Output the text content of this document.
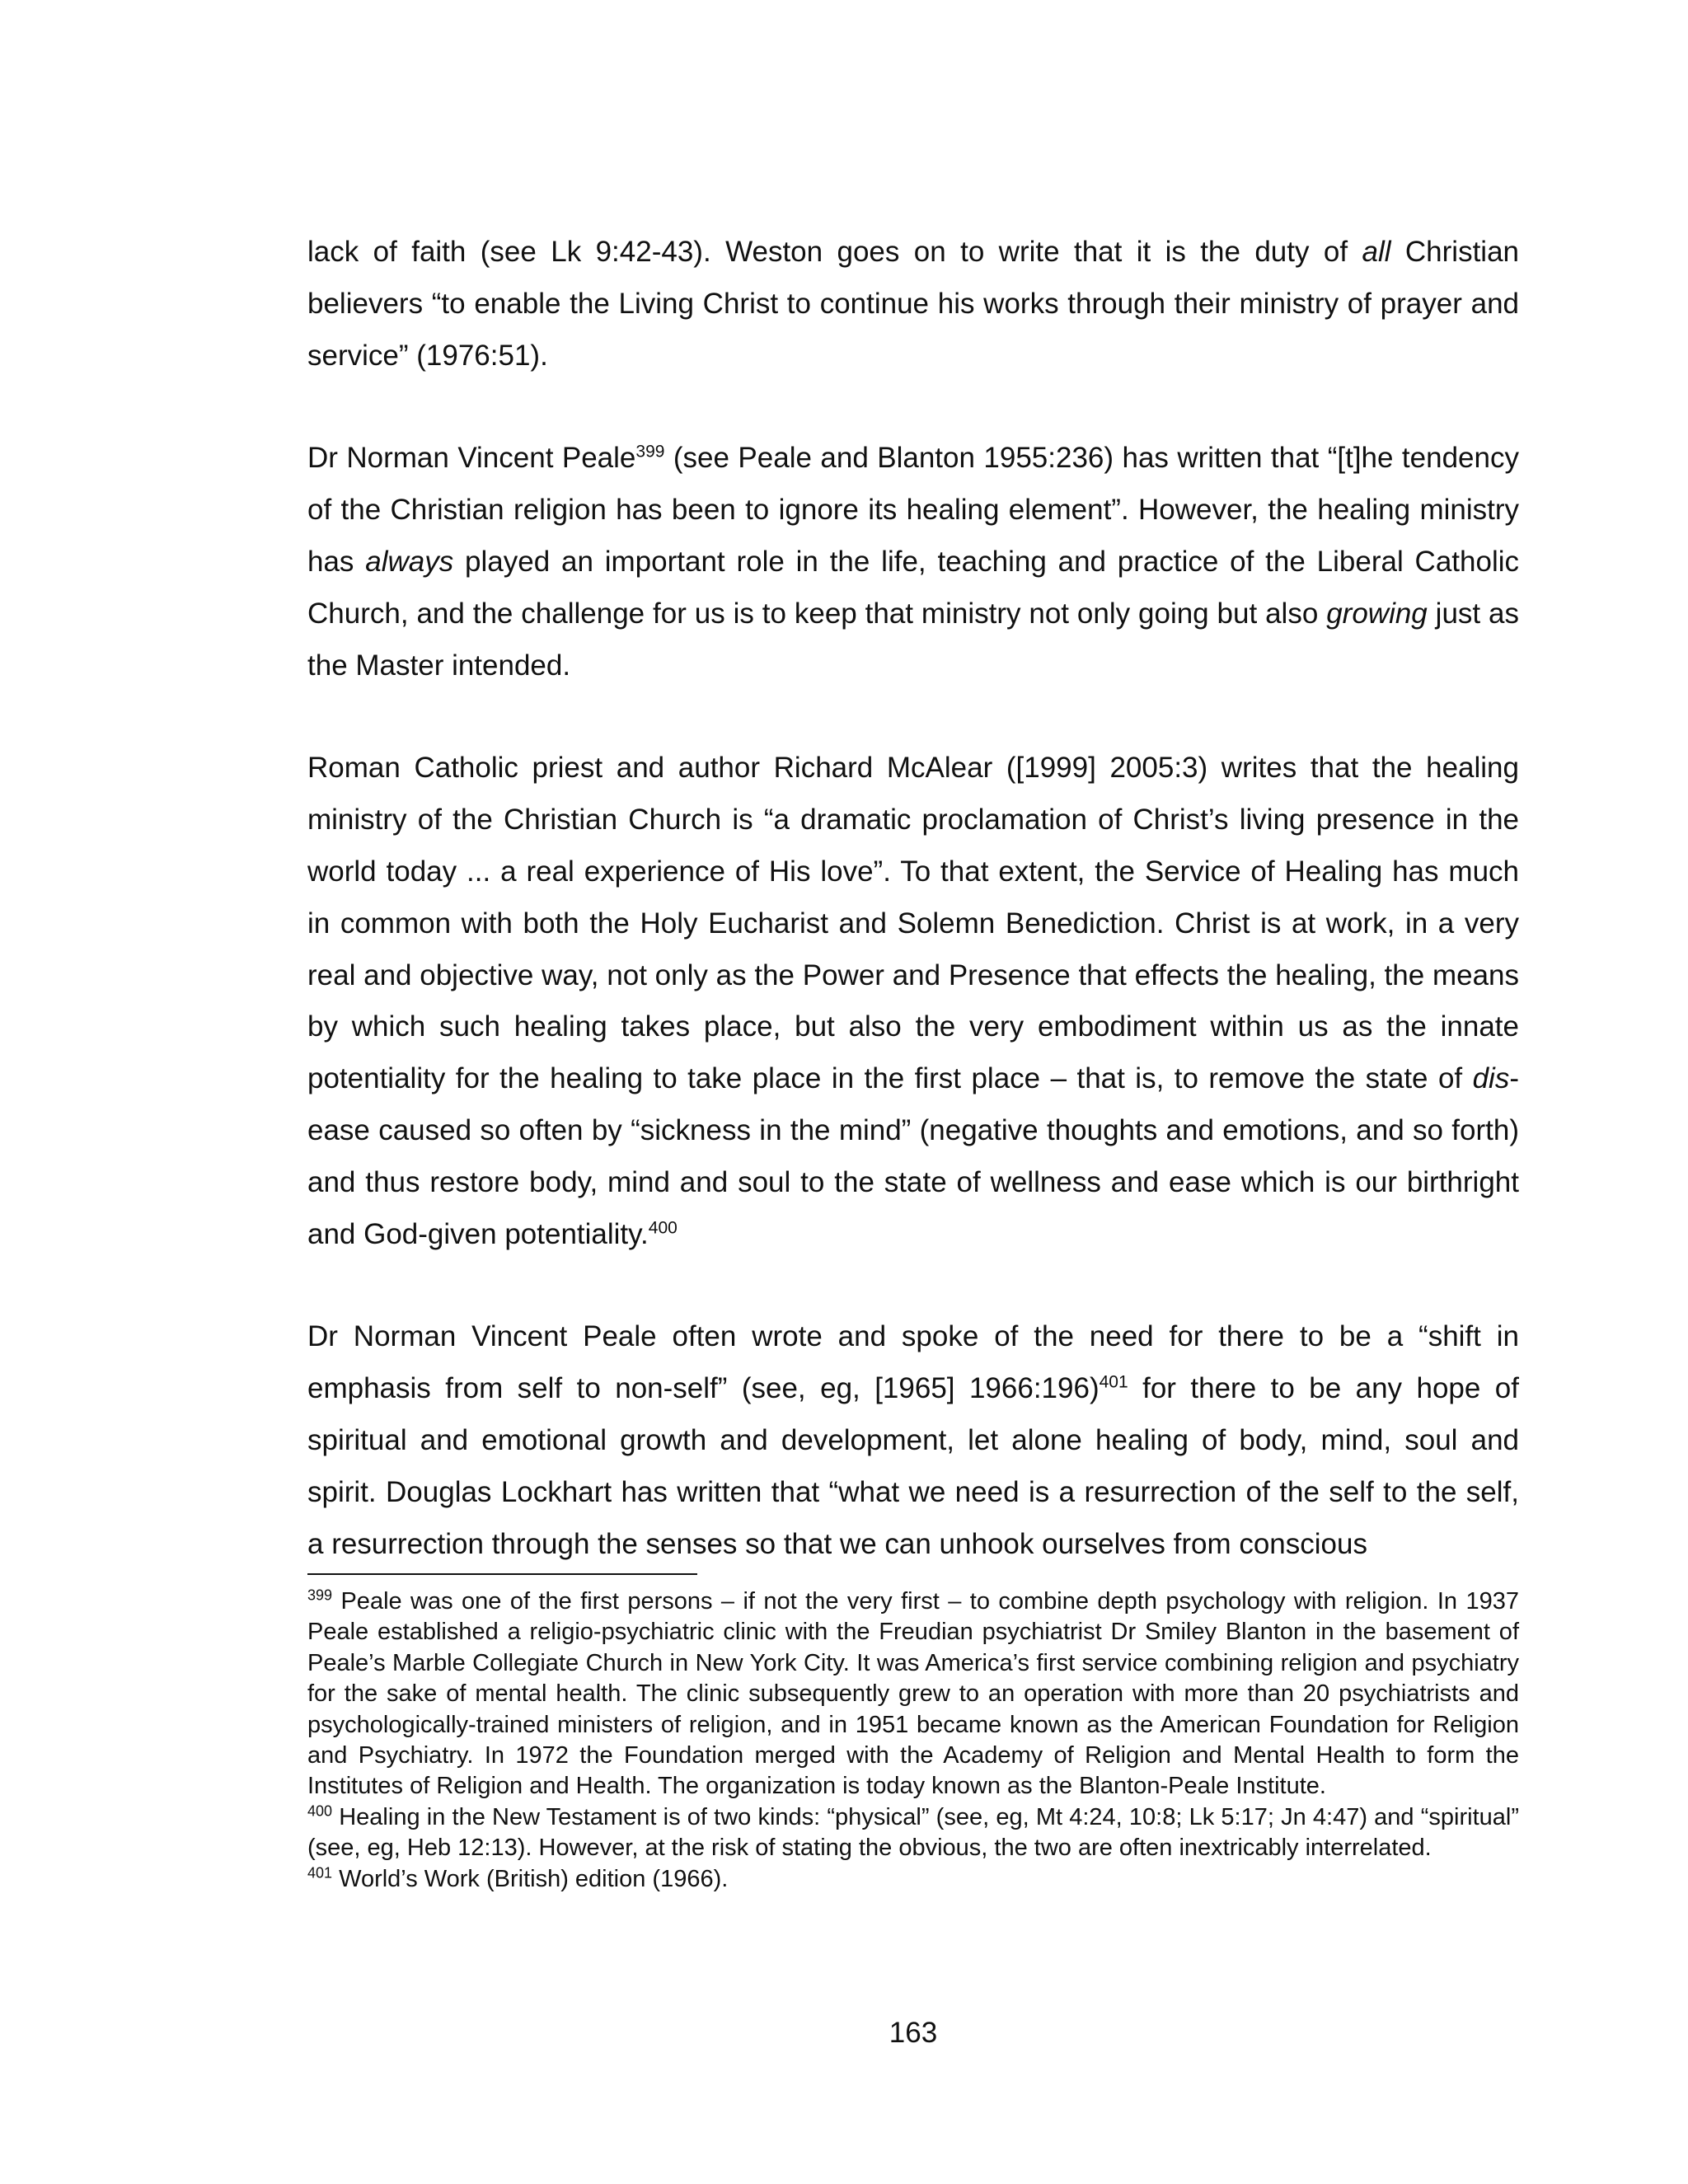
lack of faith (see Lk 9:42-43). Weston goes on to write that it is the duty of all Christian believers “to enable the Living Christ to continue his works through their ministry of prayer and service” (1976:51).

Dr Norman Vincent Peale$^{399}$ (see Peale and Blanton 1955:236) has written that “[t]he tendency of the Christian religion has been to ignore its healing element”. However, the healing ministry has always played an important role in the life, teaching and practice of the Liberal Catholic Church, and the challenge for us is to keep that ministry not only going but also growing just as the Master intended.

Roman Catholic priest and author Richard McAlear ([1999] 2005:3) writes that the healing ministry of the Christian Church is “a dramatic proclamation of Christ’s living presence in the world today ... a real experience of His love”. To that extent, the Service of Healing has much in common with both the Holy Eucharist and Solemn Benediction. Christ is at work, in a very real and objective way, not only as the Power and Presence that effects the healing, the means by which such healing takes place, but also the very embodiment within us as the innate potentiality for the healing to take place in the first place – that is, to remove the state of dis-ease caused so often by “sickness in the mind” (negative thoughts and emotions, and so forth) and thus restore body, mind and soul to the state of wellness and ease which is our birthright and God-given potentiality.$^{400}$

Dr Norman Vincent Peale often wrote and spoke of the need for there to be a “shift in emphasis from self to non-self” (see, eg, [1965] 1966:196)$^{401}$ for there to be any hope of spiritual and emotional growth and development, let alone healing of body, mind, soul and spirit. Douglas Lockhart has written that “what we need is a resurrection of the self to the self, a resurrection through the senses so that we can unhook ourselves from conscious

$^{399}$ Peale was one of the first persons – if not the very first – to combine depth psychology with religion. In 1937 Peale established a religio-psychiatric clinic with the Freudian psychiatrist Dr Smiley Blanton in the basement of Peale’s Marble Collegiate Church in New York City. It was America’s first service combining religion and psychiatry for the sake of mental health. The clinic subsequently grew to an operation with more than 20 psychiatrists and psychologically-trained ministers of religion, and in 1951 became known as the American Foundation for Religion and Psychiatry. In 1972 the Foundation merged with the Academy of Religion and Mental Health to form the Institutes of Religion and Health. The organization is today known as the Blanton-Peale Institute.

$^{400}$ Healing in the New Testament is of two kinds: “physical” (see, eg, Mt 4:24, 10:8; Lk 5:17; Jn 4:47) and “spiritual” (see, eg, Heb 12:13). However, at the risk of stating the obvious, the two are often inextricably interrelated.

$^{401}$ World’s Work (British) edition (1966).

163
